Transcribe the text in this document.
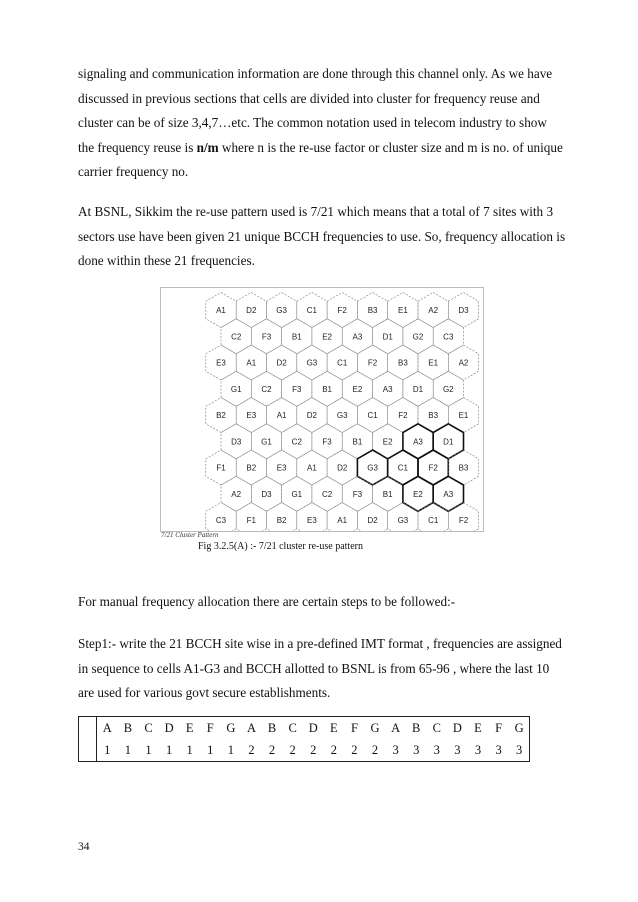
signaling and communication information are done through this channel only. As we have discussed in previous sections that cells are divided into cluster for frequency reuse and cluster can be of size 3,4,7…etc. The common notation used in telecom industry to show the frequency reuse is n/m where n is the re-use factor or cluster size and m is no. of unique carrier frequency no.

At BSNL, Sikkim the re-use pattern used is 7/21 which means that a total of 7 sites with 3 sectors use have been given 21 unique BCCH frequencies to use. So, frequency allocation is done within these 21 frequencies.

A1	D2 G3 C1	F2	B3	E1	A2	D3
C2	F3	B1	E2	A3	D1 G2 C3
E3	A1	D2 G3 C1	F2	B3	E1	A2
G1 C2	F3	B1	E2	A3	D1 G2
B2	E3	A1	D2 G3 C1	F2	B3	E1
D3 G1 C2	F3	B1	E2	A3	D1
F1	B2	E3	A1	D2 G3 C1	F2	B3
A2	D3 G1 C2	F3	B1	E2	A3
C3	F1	B2	E3	A1	D2 G3 C1	F2
7/21 Cluster Pattern
Fig 3.2.5(A) :- 7/21 cluster re-use pattern

For manual frequency allocation there are certain steps to be followed:-

Step1:- write the 21 BCCH site wise in a pre-defined IMT format , frequencies are assigned in sequence to cells A1-G3 and BCCH allotted to BSNL is from 65-96 , where the last 10 are used for various govt secure establishments.

	A	B	C	D	E	F	G	A	B	C	D	E	F	G	A	B	C	D	E	F	G
	1	1	1	1	1	1	1	2	2	2	2	2	2	2	3	3	3	3	3	3	3
34
